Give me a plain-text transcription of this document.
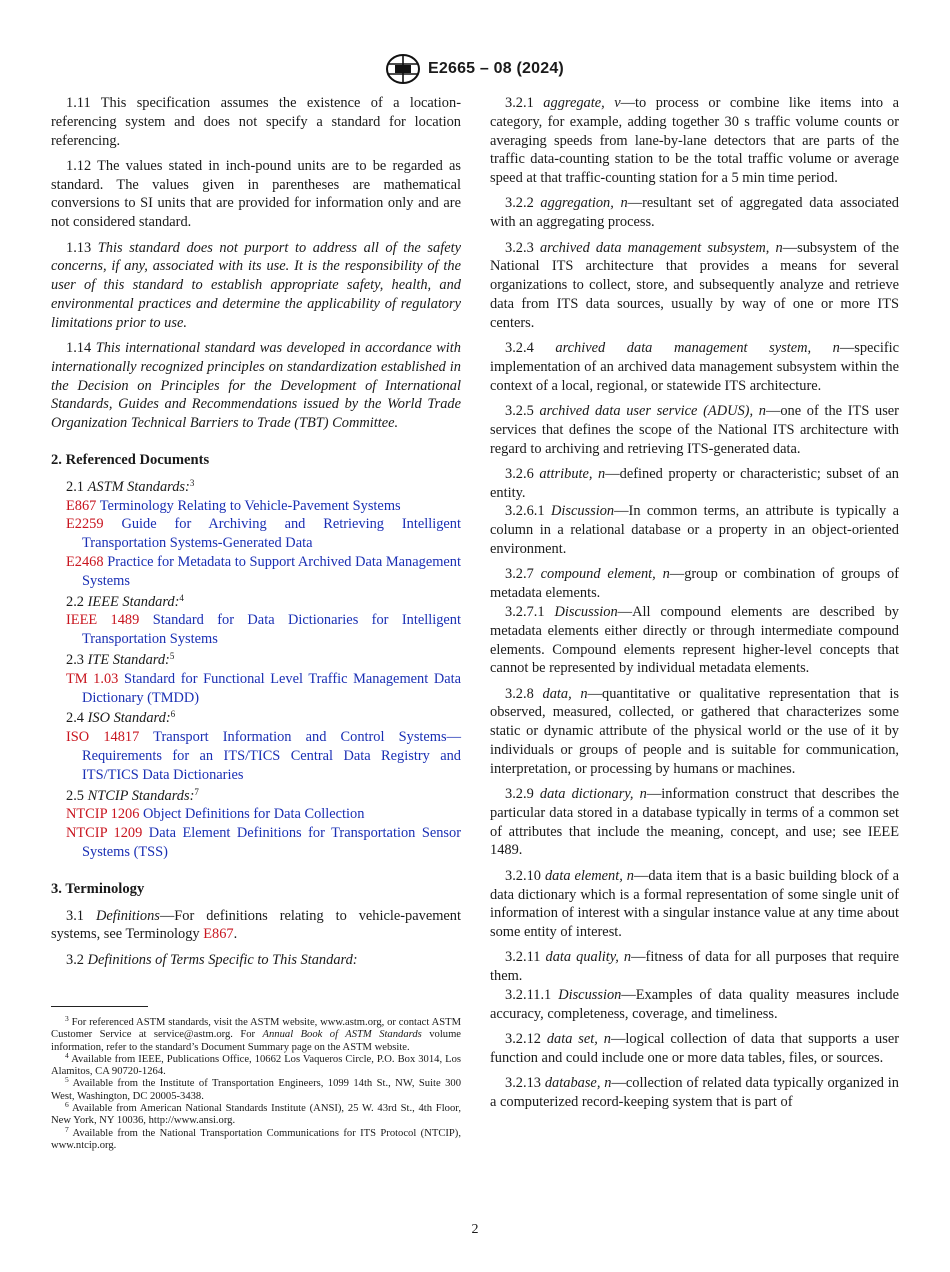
E2665 – 08 (2024)

1.11 This specification assumes the existence of a location-referencing system and does not specify a standard for location referencing.

1.12 The values stated in inch-pound units are to be regarded as standard. The values given in parentheses are mathematical conversions to SI units that are provided for information only and are not considered standard.

1.13 This standard does not purport to address all of the safety concerns, if any, associated with its use. It is the responsibility of the user of this standard to establish appropriate safety, health, and environmental practices and determine the applicability of regulatory limitations prior to use.

1.14 This international standard was developed in accordance with internationally recognized principles on standardization established in the Decision on Principles for the Development of International Standards, Guides and Recommendations issued by the World Trade Organization Technical Barriers to Trade (TBT) Committee.

2. Referenced Documents
2.1 ASTM Standards:$^3$
E867 Terminology Relating to Vehicle-Pavement Systems
E2259 Guide for Archiving and Retrieving Intelligent Transportation Systems-Generated Data
E2468 Practice for Metadata to Support Archived Data Management Systems
2.2 IEEE Standard:$^4$
IEEE 1489 Standard for Data Dictionaries for Intelligent Transportation Systems
2.3 ITE Standard:$^5$
TM 1.03 Standard for Functional Level Traffic Management Data Dictionary (TMDD)
2.4 ISO Standard:$^6$
ISO 14817 Transport Information and Control Systems—Requirements for an ITS/TICS Central Data Registry and ITS/TICS Data Dictionaries
2.5 NTCIP Standards:$^7$
NTCIP 1206 Object Definitions for Data Collection
NTCIP 1209 Data Element Definitions for Transportation Sensor Systems (TSS)
3. Terminology

3.1 Definitions—For definitions relating to vehicle-pavement systems, see Terminology E867.

3.2 Definitions of Terms Specific to This Standard:

$^3$ For referenced ASTM standards, visit the ASTM website, www.astm.org, or contact ASTM Customer Service at service@astm.org. For Annual Book of ASTM Standards volume information, refer to the standard’s Document Summary page on the ASTM website.

$^4$ Available from IEEE, Publications Office, 10662 Los Vaqueros Circle, P.O. Box 3014, Los Alamitos, CA 90720-1264.

$^5$ Available from the Institute of Transportation Engineers, 1099 14th St., NW, Suite 300 West, Washington, DC 20005-3438.

$^6$ Available from American National Standards Institute (ANSI), 25 W. 43rd St., 4th Floor, New York, NY 10036, http://www.ansi.org.

$^7$ Available from the National Transportation Communications for ITS Protocol (NTCIP), www.ntcip.org.

3.2.1 aggregate, v—to process or combine like items into a category, for example, adding together 30 s traffic volume counts or averaging speeds from lane-by-lane detectors that are parts of the traffic data-counting station to be the total traffic volume or average speed at that traffic-counting station for a 5 min time period.

3.2.2 aggregation, n—resultant set of aggregated data associated with an aggregating process.

3.2.3 archived data management subsystem, n—subsystem of the National ITS architecture that provides a means for several organizations to collect, store, and subsequently analyze and retrieve data from ITS data sources, usually by way of one or more ITS centers.

3.2.4 archived data management system, n—specific implementation of an archived data management subsystem within the context of a local, regional, or statewide ITS architecture.

3.2.5 archived data user service (ADUS), n—one of the ITS user services that defines the scope of the National ITS architecture with regard to archiving and retrieving ITS-generated data.

3.2.6 attribute, n—defined property or characteristic; subset of an entity.

3.2.6.1 Discussion—In common terms, an attribute is typically a column in a relational database or a property in an object-oriented environment.

3.2.7 compound element, n—group or combination of groups of metadata elements.

3.2.7.1 Discussion—All compound elements are described by metadata elements either directly or through intermediate compound elements. Compound elements represent higher-level concepts that cannot be represented by individual metadata elements.

3.2.8 data, n—quantitative or qualitative representation that is observed, measured, collected, or gathered that characterizes some static or dynamic attribute of the physical world or the use of it by individuals or groups of people and is suitable for communication, interpretation, or processing by humans or machines.

3.2.9 data dictionary, n—information construct that describes the particular data stored in a database typically in terms of a common set of attributes that include the meaning, concept, and use; see IEEE 1489.

3.2.10 data element, n—data item that is a basic building block of a data dictionary which is a formal representation of some single unit of information of interest with a singular instance value at any time about some entity of interest.

3.2.11 data quality, n—fitness of data for all purposes that require them.

3.2.11.1 Discussion—Examples of data quality measures include accuracy, completeness, coverage, and timeliness.

3.2.12 data set, n—logical collection of data that supports a user function and could include one or more data tables, files, or sources.

3.2.13 database, n—collection of related data typically organized in a computerized record-keeping system that is part of

2
